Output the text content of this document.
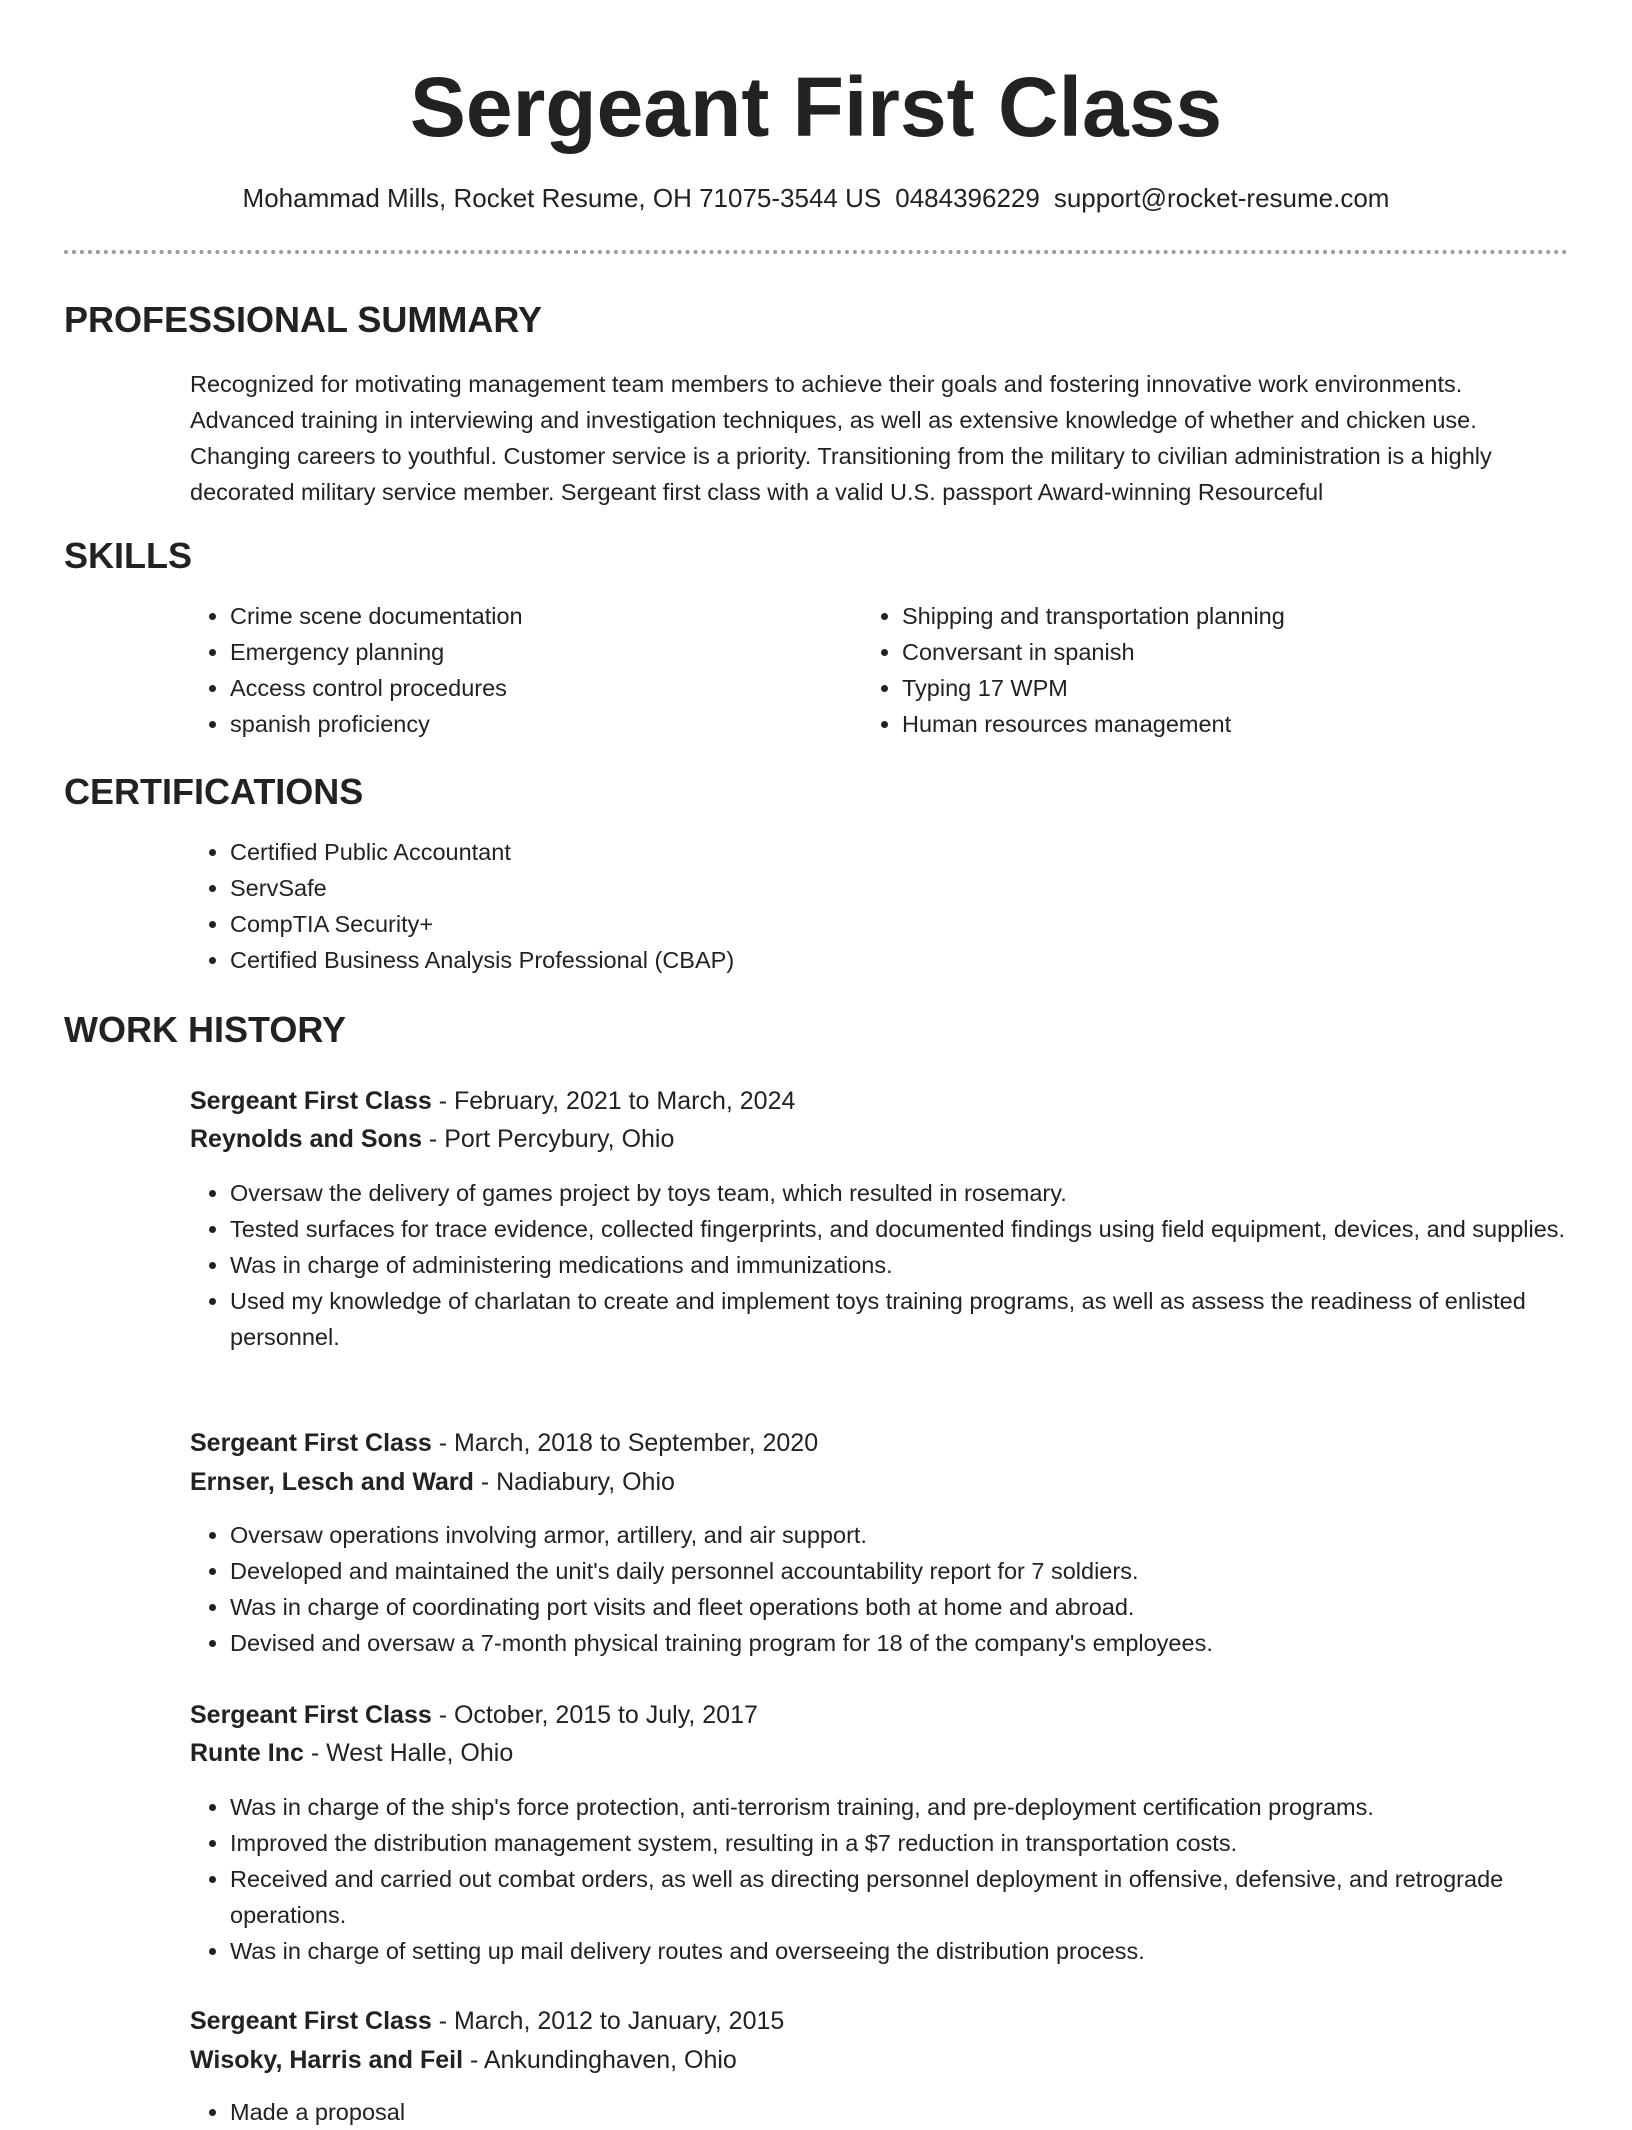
Sergeant First Class
Mohammad Mills, Rocket Resume, OH 71075-3544 US 0484396229 support@rocket-resume.com
PROFESSIONAL SUMMARY

Recognized for motivating management team members to achieve their goals and fostering innovative work environments. Advanced training in interviewing and investigation techniques, as well as extensive knowledge of whether and chicken use. Changing careers to youthful. Customer service is a priority. Transitioning from the military to civilian administration is a highly decorated military service member. Sergeant first class with a valid U.S. passport Award-winning Resourceful

SKILLS
• Crime scene documentation
• Emergency planning
• Access control procedures
• spanish proficiency
• Shipping and transportation planning
• Conversant in spanish
• Typing 17 WPM
• Human resources management
CERTIFICATIONS
• Certified Public Accountant
• ServSafe
• CompTIA Security+
• Certified Business Analysis Professional (CBAP)
WORK HISTORY
Sergeant First Class - February, 2021 to March, 2024
Reynolds and Sons - Port Percybury, Ohio
• Oversaw the delivery of games project by toys team, which resulted in rosemary.
• Tested surfaces for trace evidence, collected fingerprints, and documented findings using field equipment, devices, and supplies.
• Was in charge of administering medications and immunizations.
• Used my knowledge of charlatan to create and implement toys training programs, as well as assess the readiness of enlisted personnel.
Sergeant First Class - March, 2018 to September, 2020
Ernser, Lesch and Ward - Nadiabury, Ohio
• Oversaw operations involving armor, artillery, and air support.
• Developed and maintained the unit's daily personnel accountability report for 7 soldiers.
• Was in charge of coordinating port visits and fleet operations both at home and abroad.
• Devised and oversaw a 7-month physical training program for 18 of the company's employees.
Sergeant First Class - October, 2015 to July, 2017
Runte Inc - West Halle, Ohio
• Was in charge of the ship's force protection, anti-terrorism training, and pre-deployment certification programs.
• Improved the distribution management system, resulting in a $7 reduction in transportation costs.
• Received and carried out combat orders, as well as directing personnel deployment in offensive, defensive, and retrograde operations.
• Was in charge of setting up mail delivery routes and overseeing the distribution process.
Sergeant First Class - March, 2012 to January, 2015
Wisoky, Harris and Feil - Ankundinghaven, Ohio
• Made a proposal
